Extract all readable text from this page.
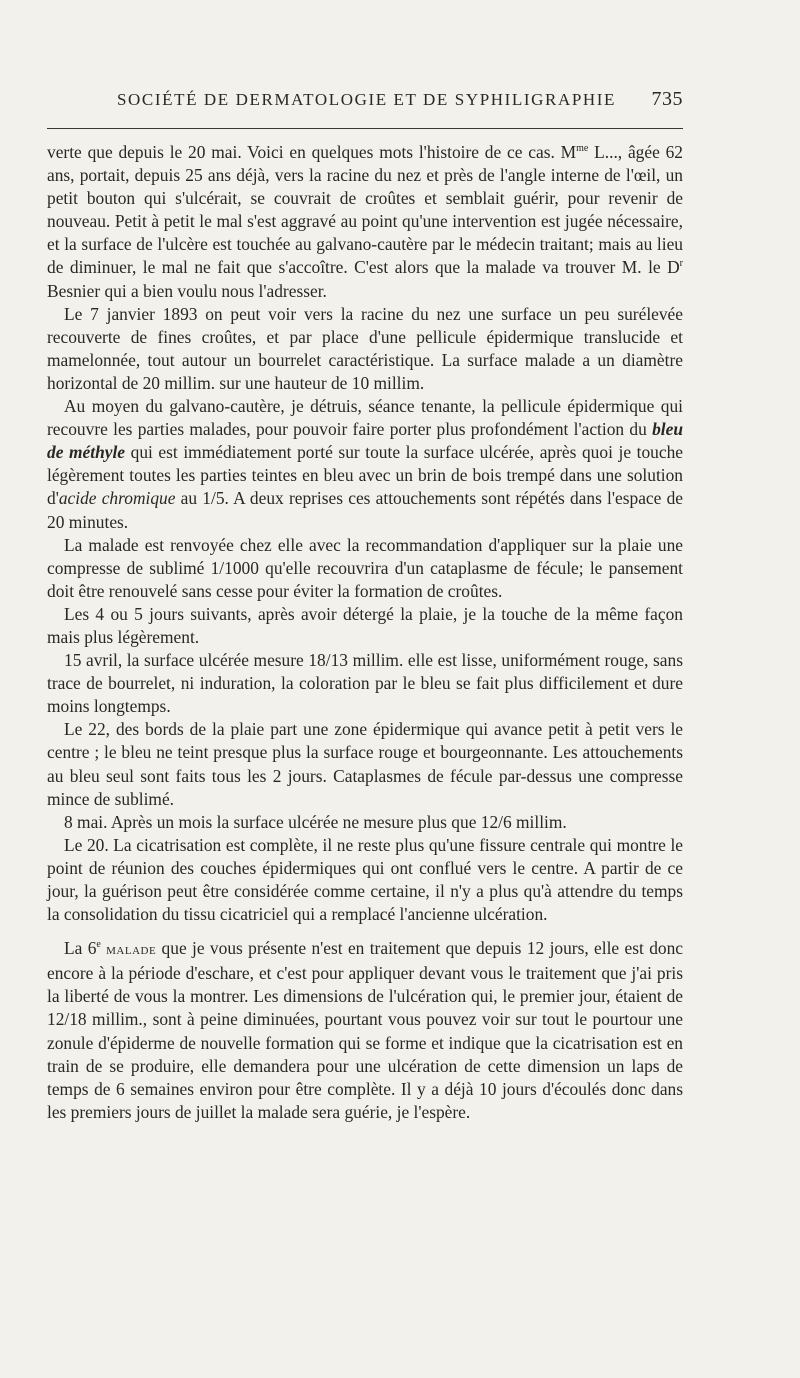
SOCIÉTÉ DE DERMATOLOGIE ET DE SYPHILIGRAPHIE 735

verte que depuis le 20 mai. Voici en quelques mots l'histoire de ce cas. $M^{me}$ L..., âgée 62 ans, portait, depuis 25 ans déjà, vers la racine du nez et près de l'angle interne de l'œil, un petit bouton qui s'ulcérait, se couvrait de croûtes et semblait guérir, pour revenir de nouveau. Petit à petit le mal s'est aggravé au point qu'une intervention est jugée nécessaire, et la surface de l'ulcère est touchée au galvano-cautère par le médecin traitant; mais au lieu de diminuer, le mal ne fait que s'accoître. C'est alors que la malade va trouver M. le $D^r$ Besnier qui a bien voulu nous l'adresser.

Le 7 janvier 1893 on peut voir vers la racine du nez une surface un peu surélevée recouverte de fines croûtes, et par place d'une pellicule épidermique translucide et mamelonnée, tout autour un bourrelet caractéristique. La surface malade a un diamètre horizontal de 20 millim. sur une hauteur de 10 millim.

Au moyen du galvano-cautère, je détruis, séance tenante, la pellicule épidermique qui recouvre les parties malades, pour pouvoir faire porter plus profondément l'action du bleu de méthyle qui est immédiatement porté sur toute la surface ulcérée, après quoi je touche légèrement toutes les parties teintes en bleu avec un brin de bois trempé dans une solution d'acide chromique au 1/5. A deux reprises ces attouchements sont répétés dans l'espace de 20 minutes.

La malade est renvoyée chez elle avec la recommandation d'appliquer sur la plaie une compresse de sublimé 1/1000 qu'elle recouvrira d'un cataplasme de fécule; le pansement doit être renouvelé sans cesse pour éviter la formation de croûtes.

Les 4 ou 5 jours suivants, après avoir détergé la plaie, je la touche de la même façon mais plus légèrement.

15 avril, la surface ulcérée mesure 18/13 millim. elle est lisse, uniformément rouge, sans trace de bourrelet, ni induration, la coloration par le bleu se fait plus difficilement et dure moins longtemps.

Le 22, des bords de la plaie part une zone épidermique qui avance petit à petit vers le centre ; le bleu ne teint presque plus la surface rouge et bourgeonnante. Les attouchements au bleu seul sont faits tous les 2 jours. Cataplasmes de fécule par-dessus une compresse mince de sublimé.

8 mai. Après un mois la surface ulcérée ne mesure plus que 12/6 millim.

Le 20. La cicatrisation est complète, il ne reste plus qu'une fissure centrale qui montre le point de réunion des couches épidermiques qui ont conflué vers le centre. A partir de ce jour, la guérison peut être considérée comme certaine, il n'y a plus qu'à attendre du temps la consolidation du tissu cicatriciel qui a remplacé l'ancienne ulcération.

La 6e malade que je vous présente n'est en traitement que depuis 12 jours, elle est donc encore à la période d'eschare, et c'est pour appliquer devant vous le traitement que j'ai pris la liberté de vous la montrer. Les dimensions de l'ulcération qui, le premier jour, étaient de 12/18 millim., sont à peine diminuées, pourtant vous pouvez voir sur tout le pourtour une zonule d'épiderme de nouvelle formation qui se forme et indique que la cicatrisation est en train de se produire, elle demandera pour une ulcération de cette dimension un laps de temps de 6 semaines environ pour être complète. Il y a déjà 10 jours d'écoulés donc dans les premiers jours de juillet la malade sera guérie, je l'espère.
